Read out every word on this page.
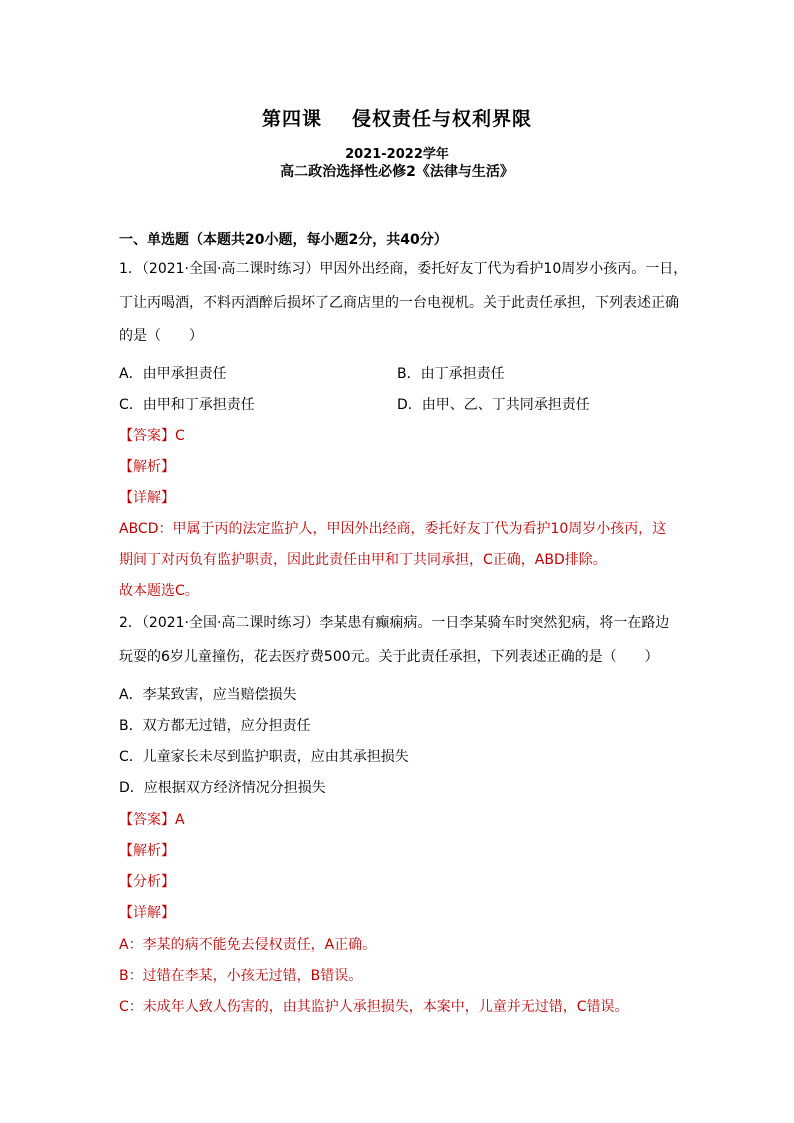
第四课 侵权责任与权利界限
2021-2022学年
高二政治选择性必修2《法律与生活》
一、单选题（本题共20小题，每小题2分，共40分）
1．（2021·全国·高二课时练习）甲因外出经商，委托好友丁代为看护10周岁小孩丙。一日，
丁让丙喝酒，不料丙酒醉后损坏了乙商店里的一台电视机。关于此责任承担，下列表述正确
的是（　　）
A．由甲承担责任	B．由丁承担责任
C．由甲和丁承担责任	D．由甲、乙、丁共同承担责任
【答案】C
【解析】
【详解】
ABCD：甲属于丙的法定监护人，甲因外出经商，委托好友丁代为看护10周岁小孩丙，这
期间丁对丙负有监护职责，因此此责任由甲和丁共同承担，C正确，ABD排除。
故本题选C。
2．（2021·全国·高二课时练习）李某患有癫痫病。一日李某骑车时突然犯病，将一在路边
玩耍的6岁儿童撞伤，花去医疗费500元。关于此责任承担，下列表述正确的是（　　）
A．李某致害，应当赔偿损失
B．双方都无过错，应分担责任
C．儿童家长未尽到监护职责，应由其承担损失
D．应根据双方经济情况分担损失
【答案】A
【解析】
【分析】
【详解】
A：李某的病不能免去侵权责任，A正确。
B：过错在李某，小孩无过错，B错误。
C：未成年人致人伤害的，由其监护人承担损失，本案中，儿童并无过错，C错误。
